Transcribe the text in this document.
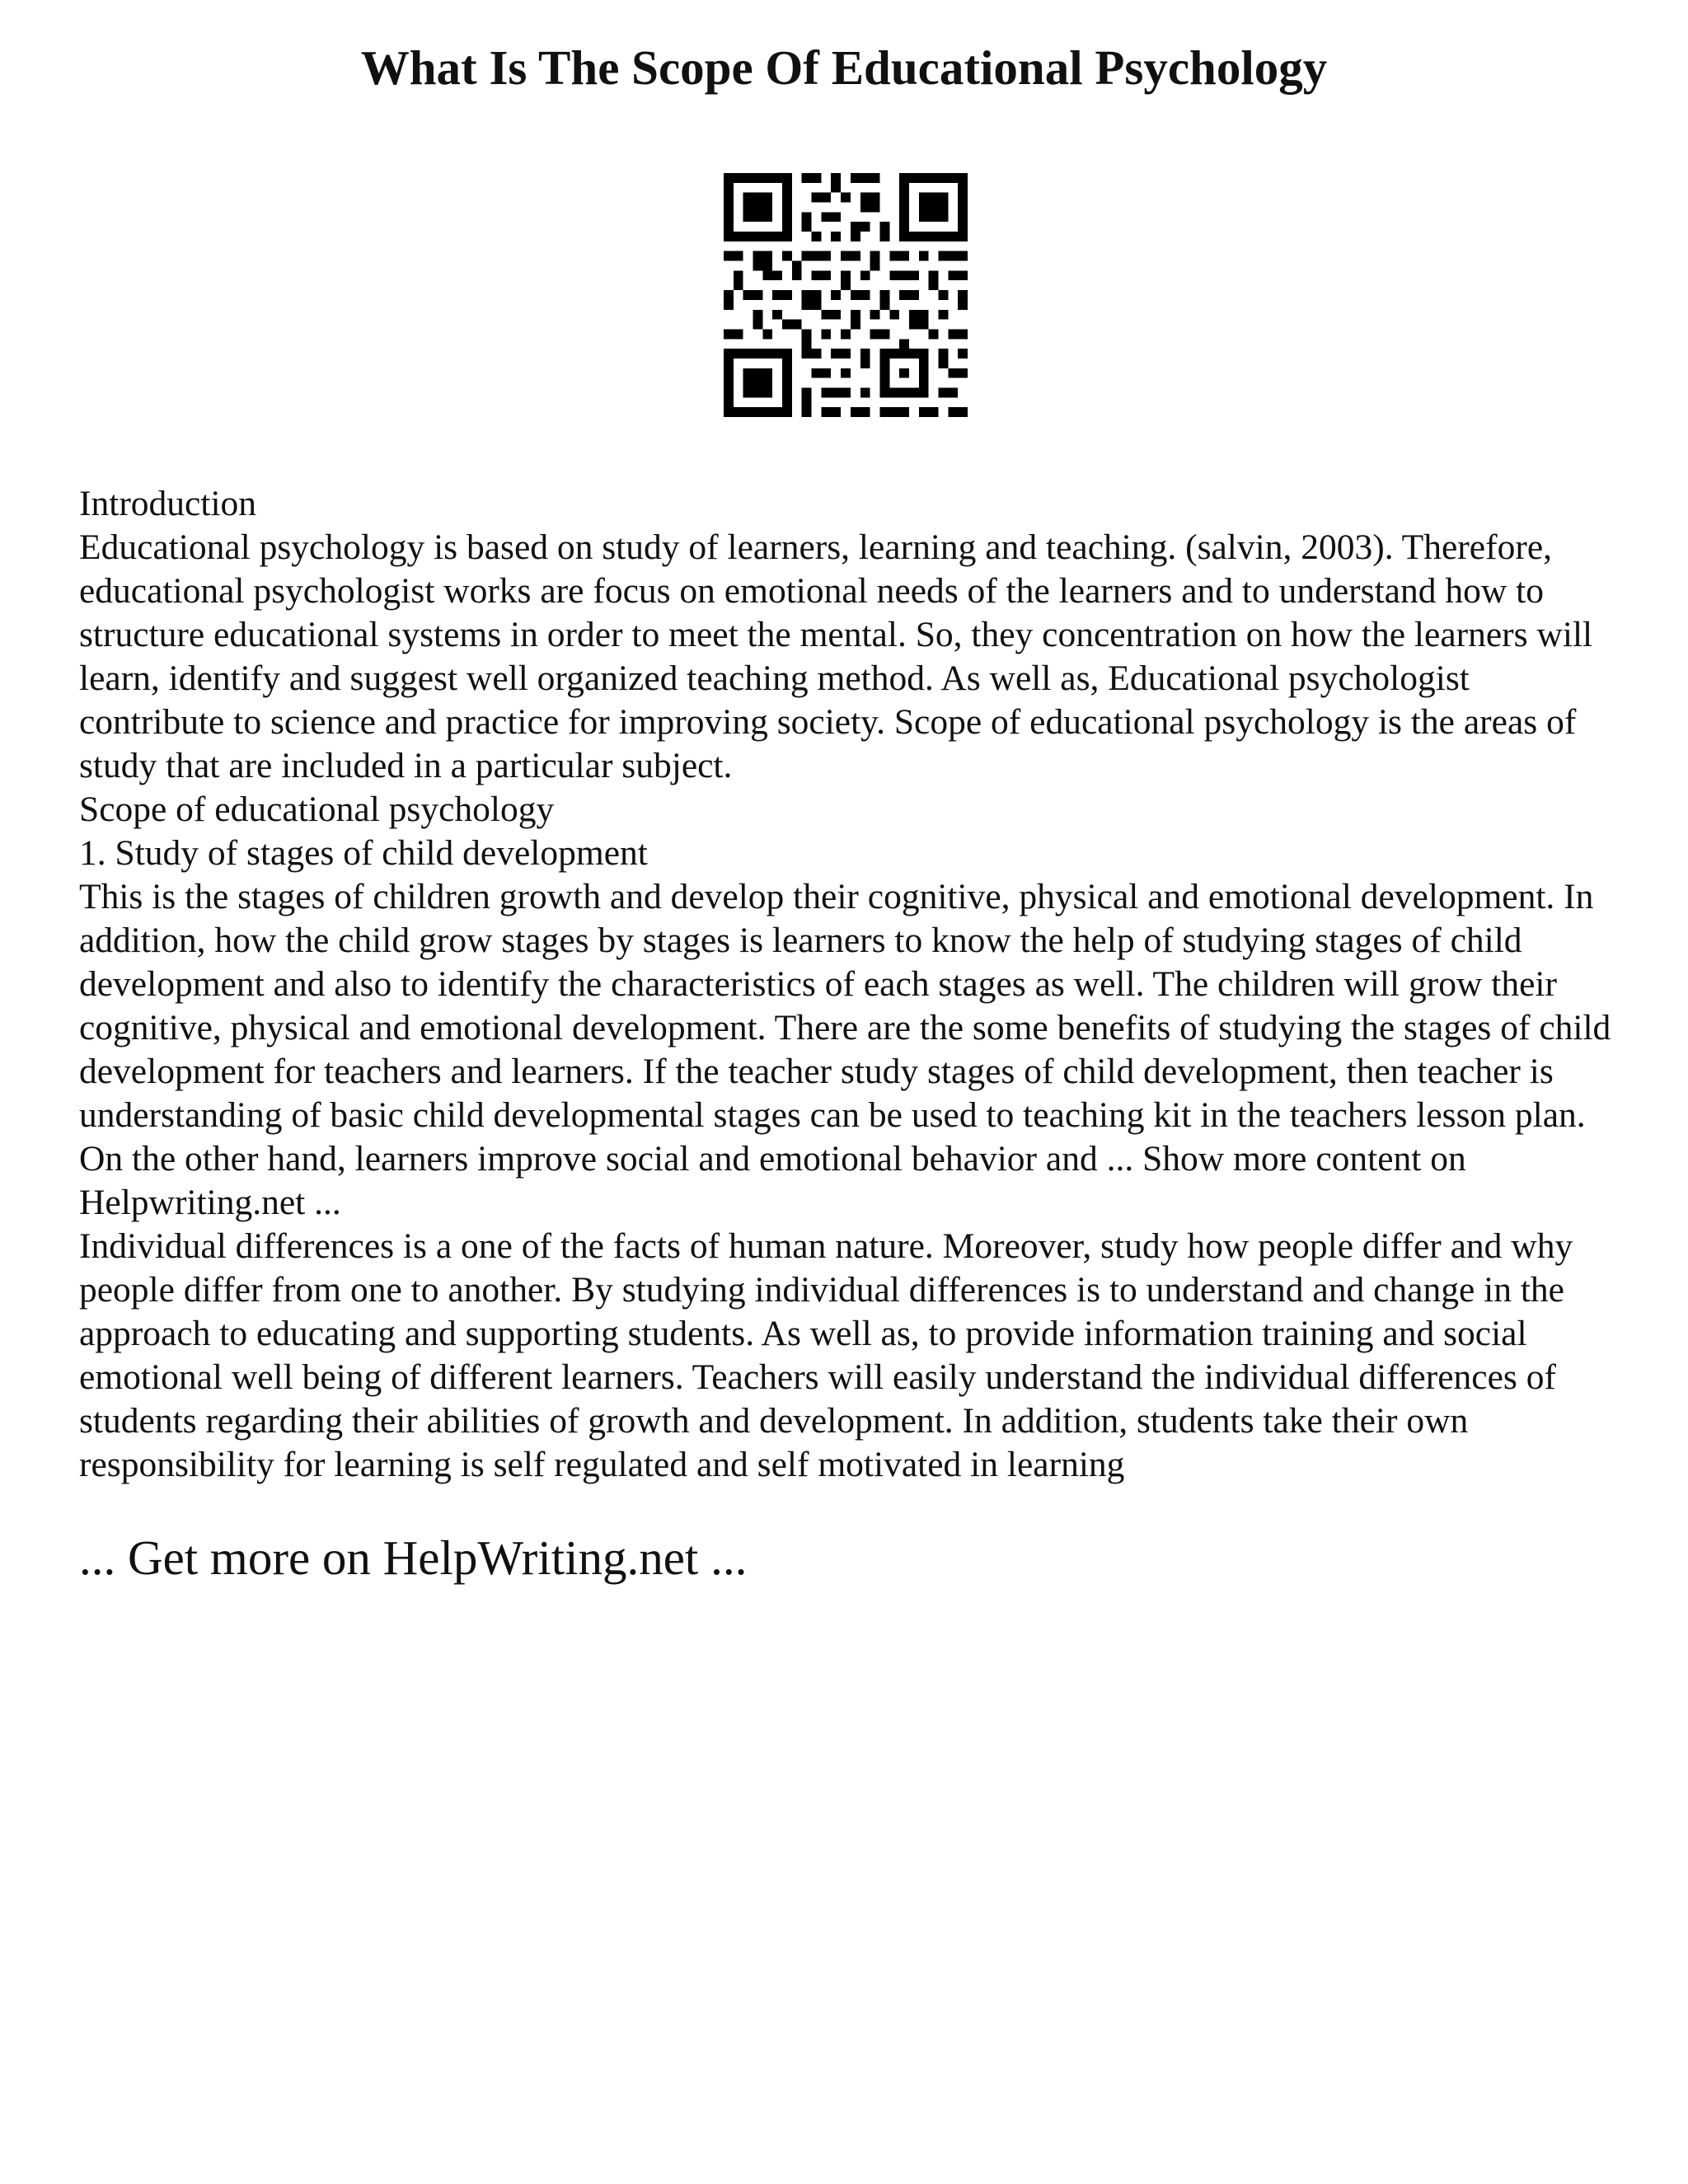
What Is The Scope Of Educational Psychology

Introduction

Educational psychology is based on study of learners, learning and teaching. (salvin, 2003). Therefore, educational psychologist works are focus on emotional needs of the learners and to understand how to structure educational systems in order to meet the mental. So, they concentration on how the learners will learn, identify and suggest well organized teaching method. As well as, Educational psychologist contribute to science and practice for improving society. Scope of educational psychology is the areas of study that are included in a particular subject.

Scope of educational psychology

1. Study of stages of child development

This is the stages of children growth and develop their cognitive, physical and emotional development. In addition, how the child grow stages by stages is learners to know the help of studying stages of child development and also to identify the characteristics of each stages as well. The children will grow their cognitive, physical and emotional development. There are the some benefits of studying the stages of child development for teachers and learners. If the teacher study stages of child development, then teacher is understanding of basic child developmental stages can be used to teaching kit in the teachers lesson plan. On the other hand, learners improve social and emotional behavior and ... Show more content on Helpwriting.net ...

Individual differences is a one of the facts of human nature. Moreover, study how people differ and why people differ from one to another. By studying individual differences is to understand and change in the approach to educating and supporting students. As well as, to provide information training and social emotional well being of different learners. Teachers will easily understand the individual differences of students regarding their abilities of growth and development. In addition, students take their own responsibility for learning is self regulated and self motivated in learning

... Get more on HelpWriting.net ...
